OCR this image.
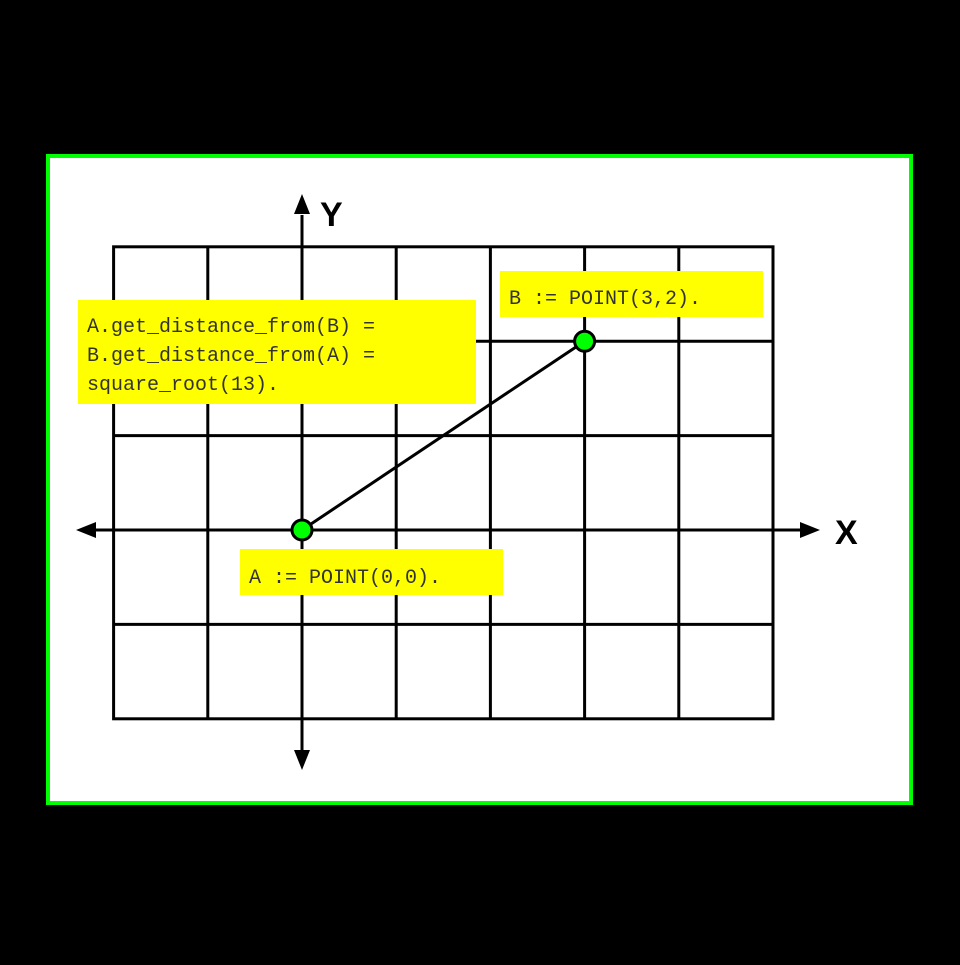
Y
X
B := POINT(3,2).
A.get_distance_from(B) =
B.get_distance_from(A) =
square_root(13).
A := POINT(0,0).
